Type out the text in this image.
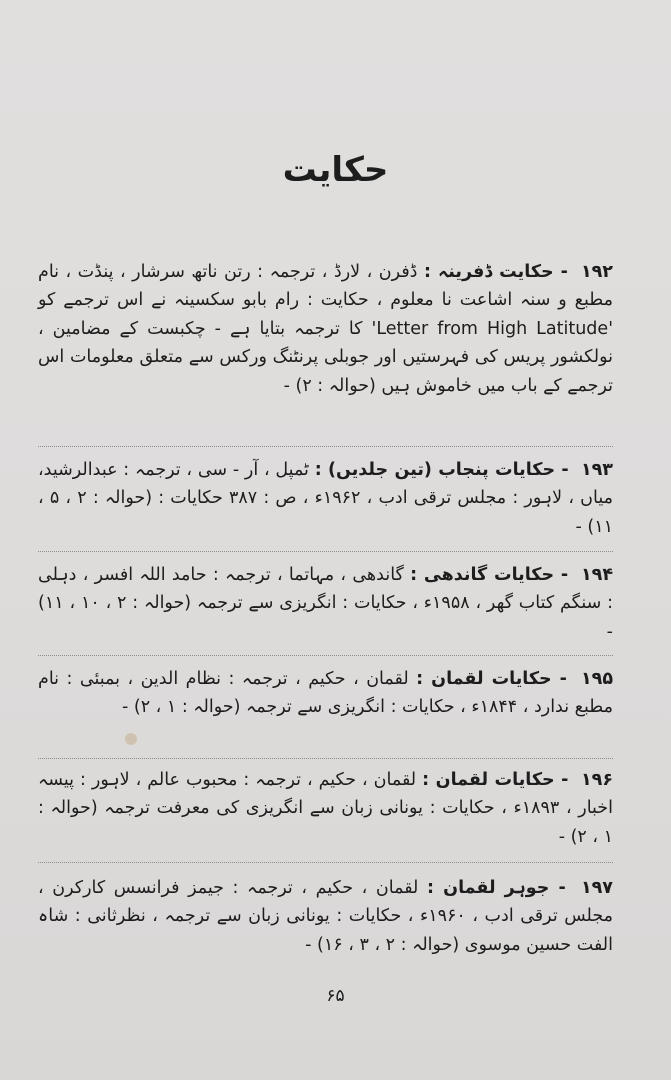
حکایت
۱۹۲ - حکایت ڈفرینہ : ڈفرن ، لارڈ ، ترجمہ : رتن ناتھ سرشار ، پنڈت ، نام مطبع و سنہ اشاعت نا معلوم ، حکایت : رام بابو سکسینہ نے اس ترجمے کو 'Letter from High Latitude' کا ترجمہ بتایا ہے - چکبست کے مضامین ، نولکشور پریس کی فہرستیں اور جوبلی پرنٹنگ ورکس سے متعلق معلومات اس ترجمے کے باب میں خاموش ہیں (حوالہ : ۲) -
۱۹۳ - حکایات پنجاب (تین جلدیں) : ٹمپل ، آر - سی ، ترجمہ : عبدالرشید، میاں ، لاہور : مجلس ترقی ادب ، ۱۹۶۲ء ، ص : ۳۸۷ حکایات : (حوالہ : ۲ ، ۵ ، ۱۱) -
۱۹۴ - حکایات گاندھی : گاندھی ، مہاتما ، ترجمہ : حامد اللہ افسر ، دہلی : سنگم کتاب گھر ، ۱۹۵۸ء ، حکایات : انگریزی سے ترجمہ (حوالہ : ۲ ، ۱۰ ، ۱۱) -
۱۹۵ - حکایات لقمان : لقمان ، حکیم ، ترجمہ : نظام الدین ، بمبئی : نام مطبع ندارد ، ۱۸۴۴ء ، حکایات : انگریزی سے ترجمہ (حوالہ : ۱ ، ۲) -
۱۹۶ - حکایات لقمان : لقمان ، حکیم ، ترجمہ : محبوب عالم ، لاہور : پیسہ اخبار ، ۱۸۹۳ء ، حکایات : یونانی زبان سے انگریزی کی معرفت ترجمہ (حوالہ : ۱ ، ۲) -
۱۹۷ - جوہر لقمان : لقمان ، حکیم ، ترجمہ : جیمز فرانسس کارکرن ، مجلس ترقی ادب ، ۱۹۶۰ء ، حکایات : یونانی زبان سے ترجمہ ، نظرثانی : شاہ الفت حسین موسوی (حوالہ : ۲ ، ۳ ، ۱۶) -
۶۵
